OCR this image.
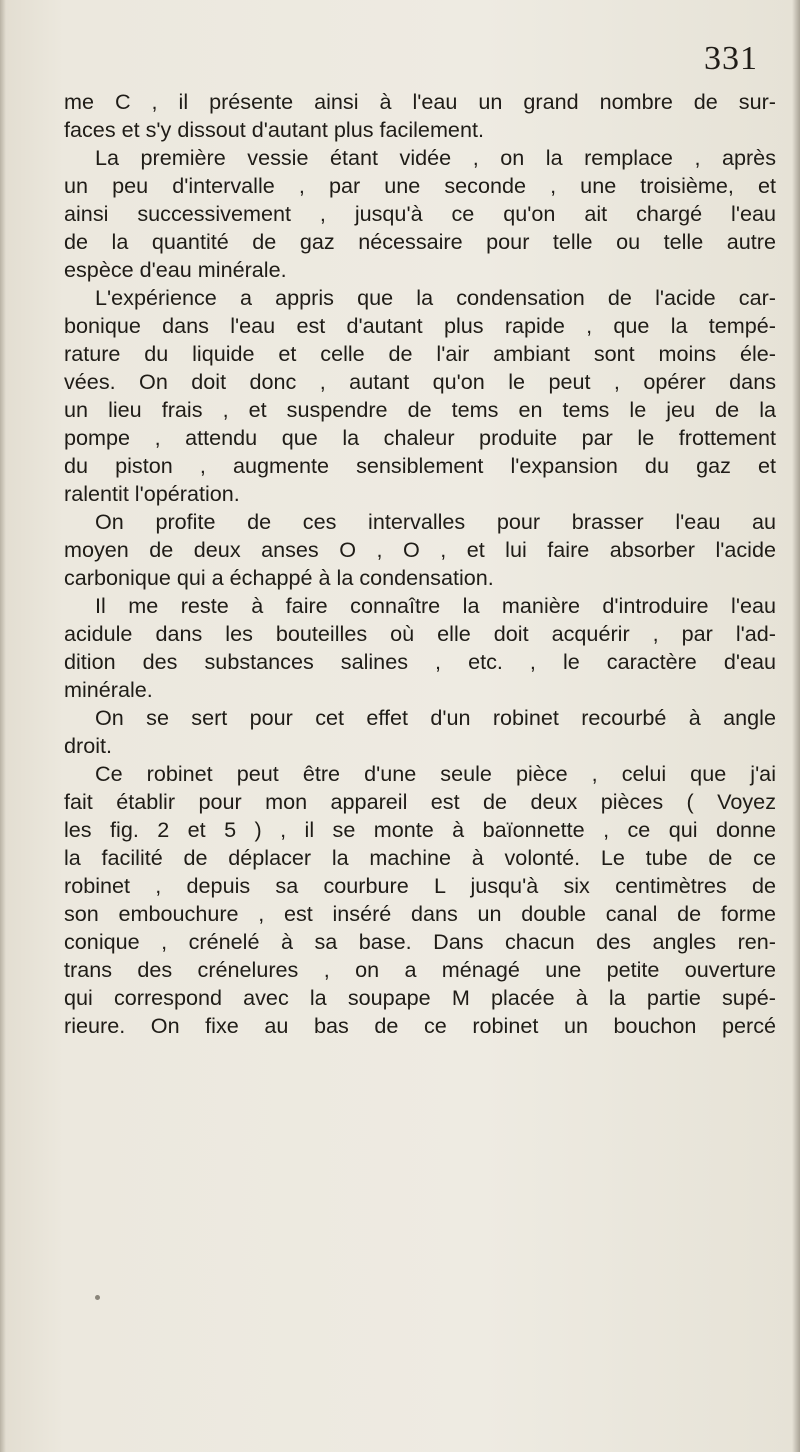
331

me C , il présente ainsi à l'eau un grand nombre de sur-
faces et s'y dissout d'autant plus facilement.
La première vessie étant vidée , on la remplace , après
un peu d'intervalle , par une seconde , une troisième, et
ainsi successivement , jusqu'à ce qu'on ait chargé l'eau
de la quantité de gaz nécessaire pour telle ou telle autre
espèce d'eau minérale.
L'expérience a appris que la condensation de l'acide car-
bonique dans l'eau est d'autant plus rapide , que la tempé-
rature du liquide et celle de l'air ambiant sont moins éle-
vées. On doit donc , autant qu'on le peut , opérer dans
un lieu frais , et suspendre de tems en tems le jeu de la
pompe , attendu que la chaleur produite par le frottement
du piston , augmente sensiblement l'expansion du gaz et
ralentit l'opération.
On profite de ces intervalles pour brasser l'eau au
moyen de deux anses O , O , et lui faire absorber l'acide
carbonique qui a échappé à la condensation.
Il me reste à faire connaître la manière d'introduire l'eau
acidule dans les bouteilles où elle doit acquérir , par l'ad-
dition des substances salines , etc. , le caractère d'eau
minérale.
On se sert pour cet effet d'un robinet recourbé à angle
droit.
Ce robinet peut être d'une seule pièce , celui que j'ai
fait établir pour mon appareil est de deux pièces ( Voyez
les fig. 2 et 5 ) , il se monte à baïonnette , ce qui donne
la facilité de déplacer la machine à volonté. Le tube de ce
robinet , depuis sa courbure L jusqu'à six centimètres de
son embouchure , est inséré dans un double canal de forme
conique , crénelé à sa base. Dans chacun des angles ren-
trans des crénelures , on a ménagé une petite ouverture
qui correspond avec la soupape M placée à la partie supé-
rieure. On fixe au bas de ce robinet un bouchon percé
